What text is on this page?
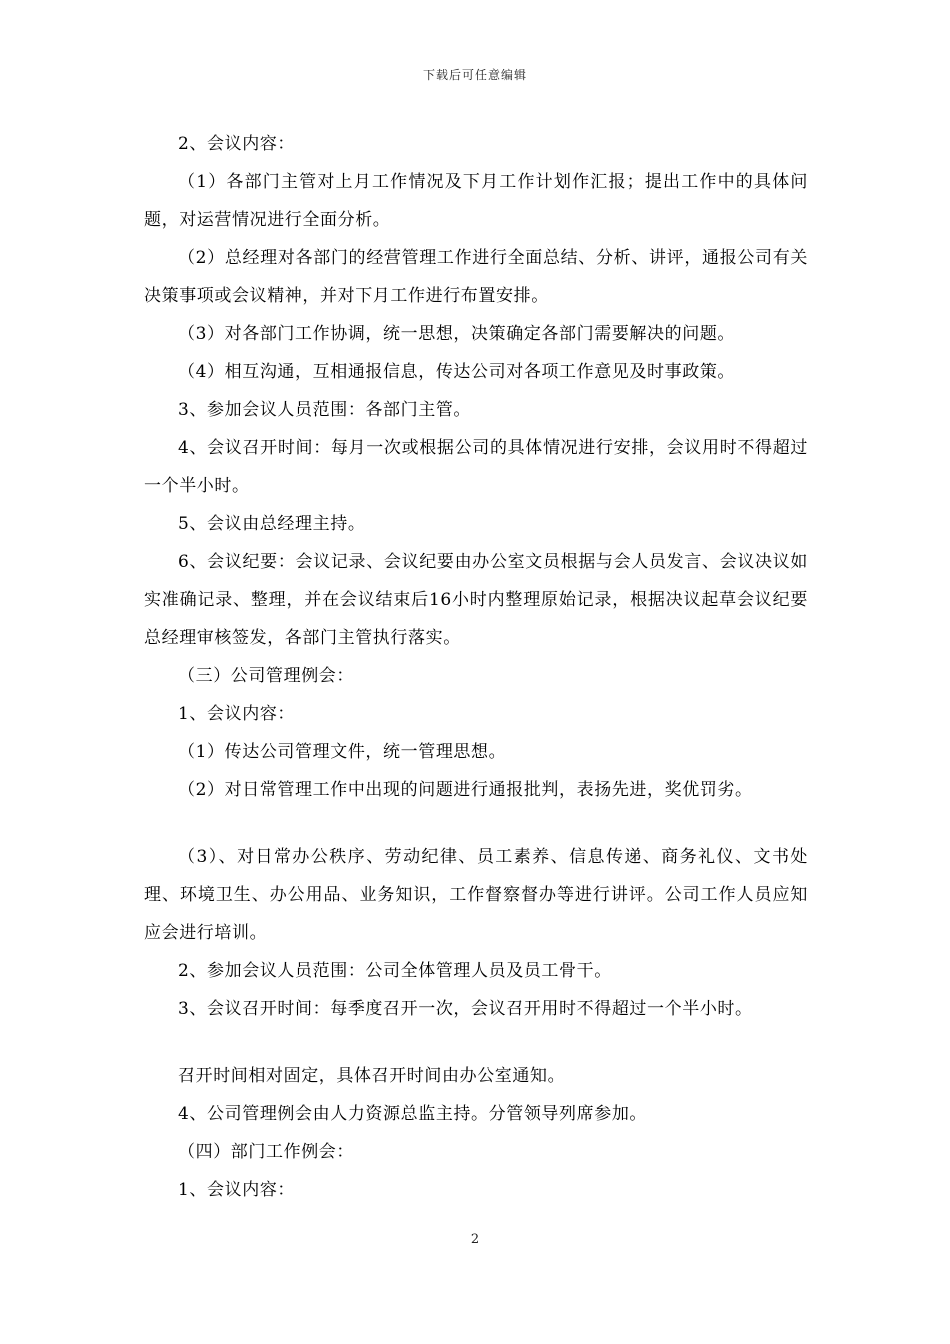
下载后可任意编辑

2、会议内容：

（1）各部门主管对上月工作情况及下月工作计划作汇报；提出工作中的具体问题，对运营情况进行全面分析。

（2）总经理对各部门的经营管理工作进行全面总结、分析、讲评，通报公司有关决策事项或会议精神，并对下月工作进行布置安排。

（3）对各部门工作协调，统一思想，决策确定各部门需要解决的问题。

（4）相互沟通，互相通报信息，传达公司对各项工作意见及时事政策。

3、参加会议人员范围：各部门主管。

4、会议召开时间：每月一次或根据公司的具体情况进行安排，会议用时不得超过一个半小时。

5、会议由总经理主持。

6、会议纪要：会议记录、会议纪要由办公室文员根据与会人员发言、会议决议如实准确记录、整理，并在会议结束后16小时内整理原始记录，根据决议起草会议纪要总经理审核签发，各部门主管执行落实。

（三）公司管理例会：

1、会议内容：

（1）传达公司管理文件，统一管理思想。

（2）对日常管理工作中出现的问题进行通报批判，表扬先进，奖优罚劣。

（3）、对日常办公秩序、劳动纪律、员工素养、信息传递、商务礼仪、文书处理、环境卫生、办公用品、业务知识，工作督察督办等进行讲评。公司工作人员应知应会进行培训。

2、参加会议人员范围：公司全体管理人员及员工骨干。

3、会议召开时间：每季度召开一次，会议召开用时不得超过一个半小时。

召开时间相对固定，具体召开时间由办公室通知。

4、公司管理例会由人力资源总监主持。分管领导列席参加。

（四）部门工作例会：

1、会议内容：

2
